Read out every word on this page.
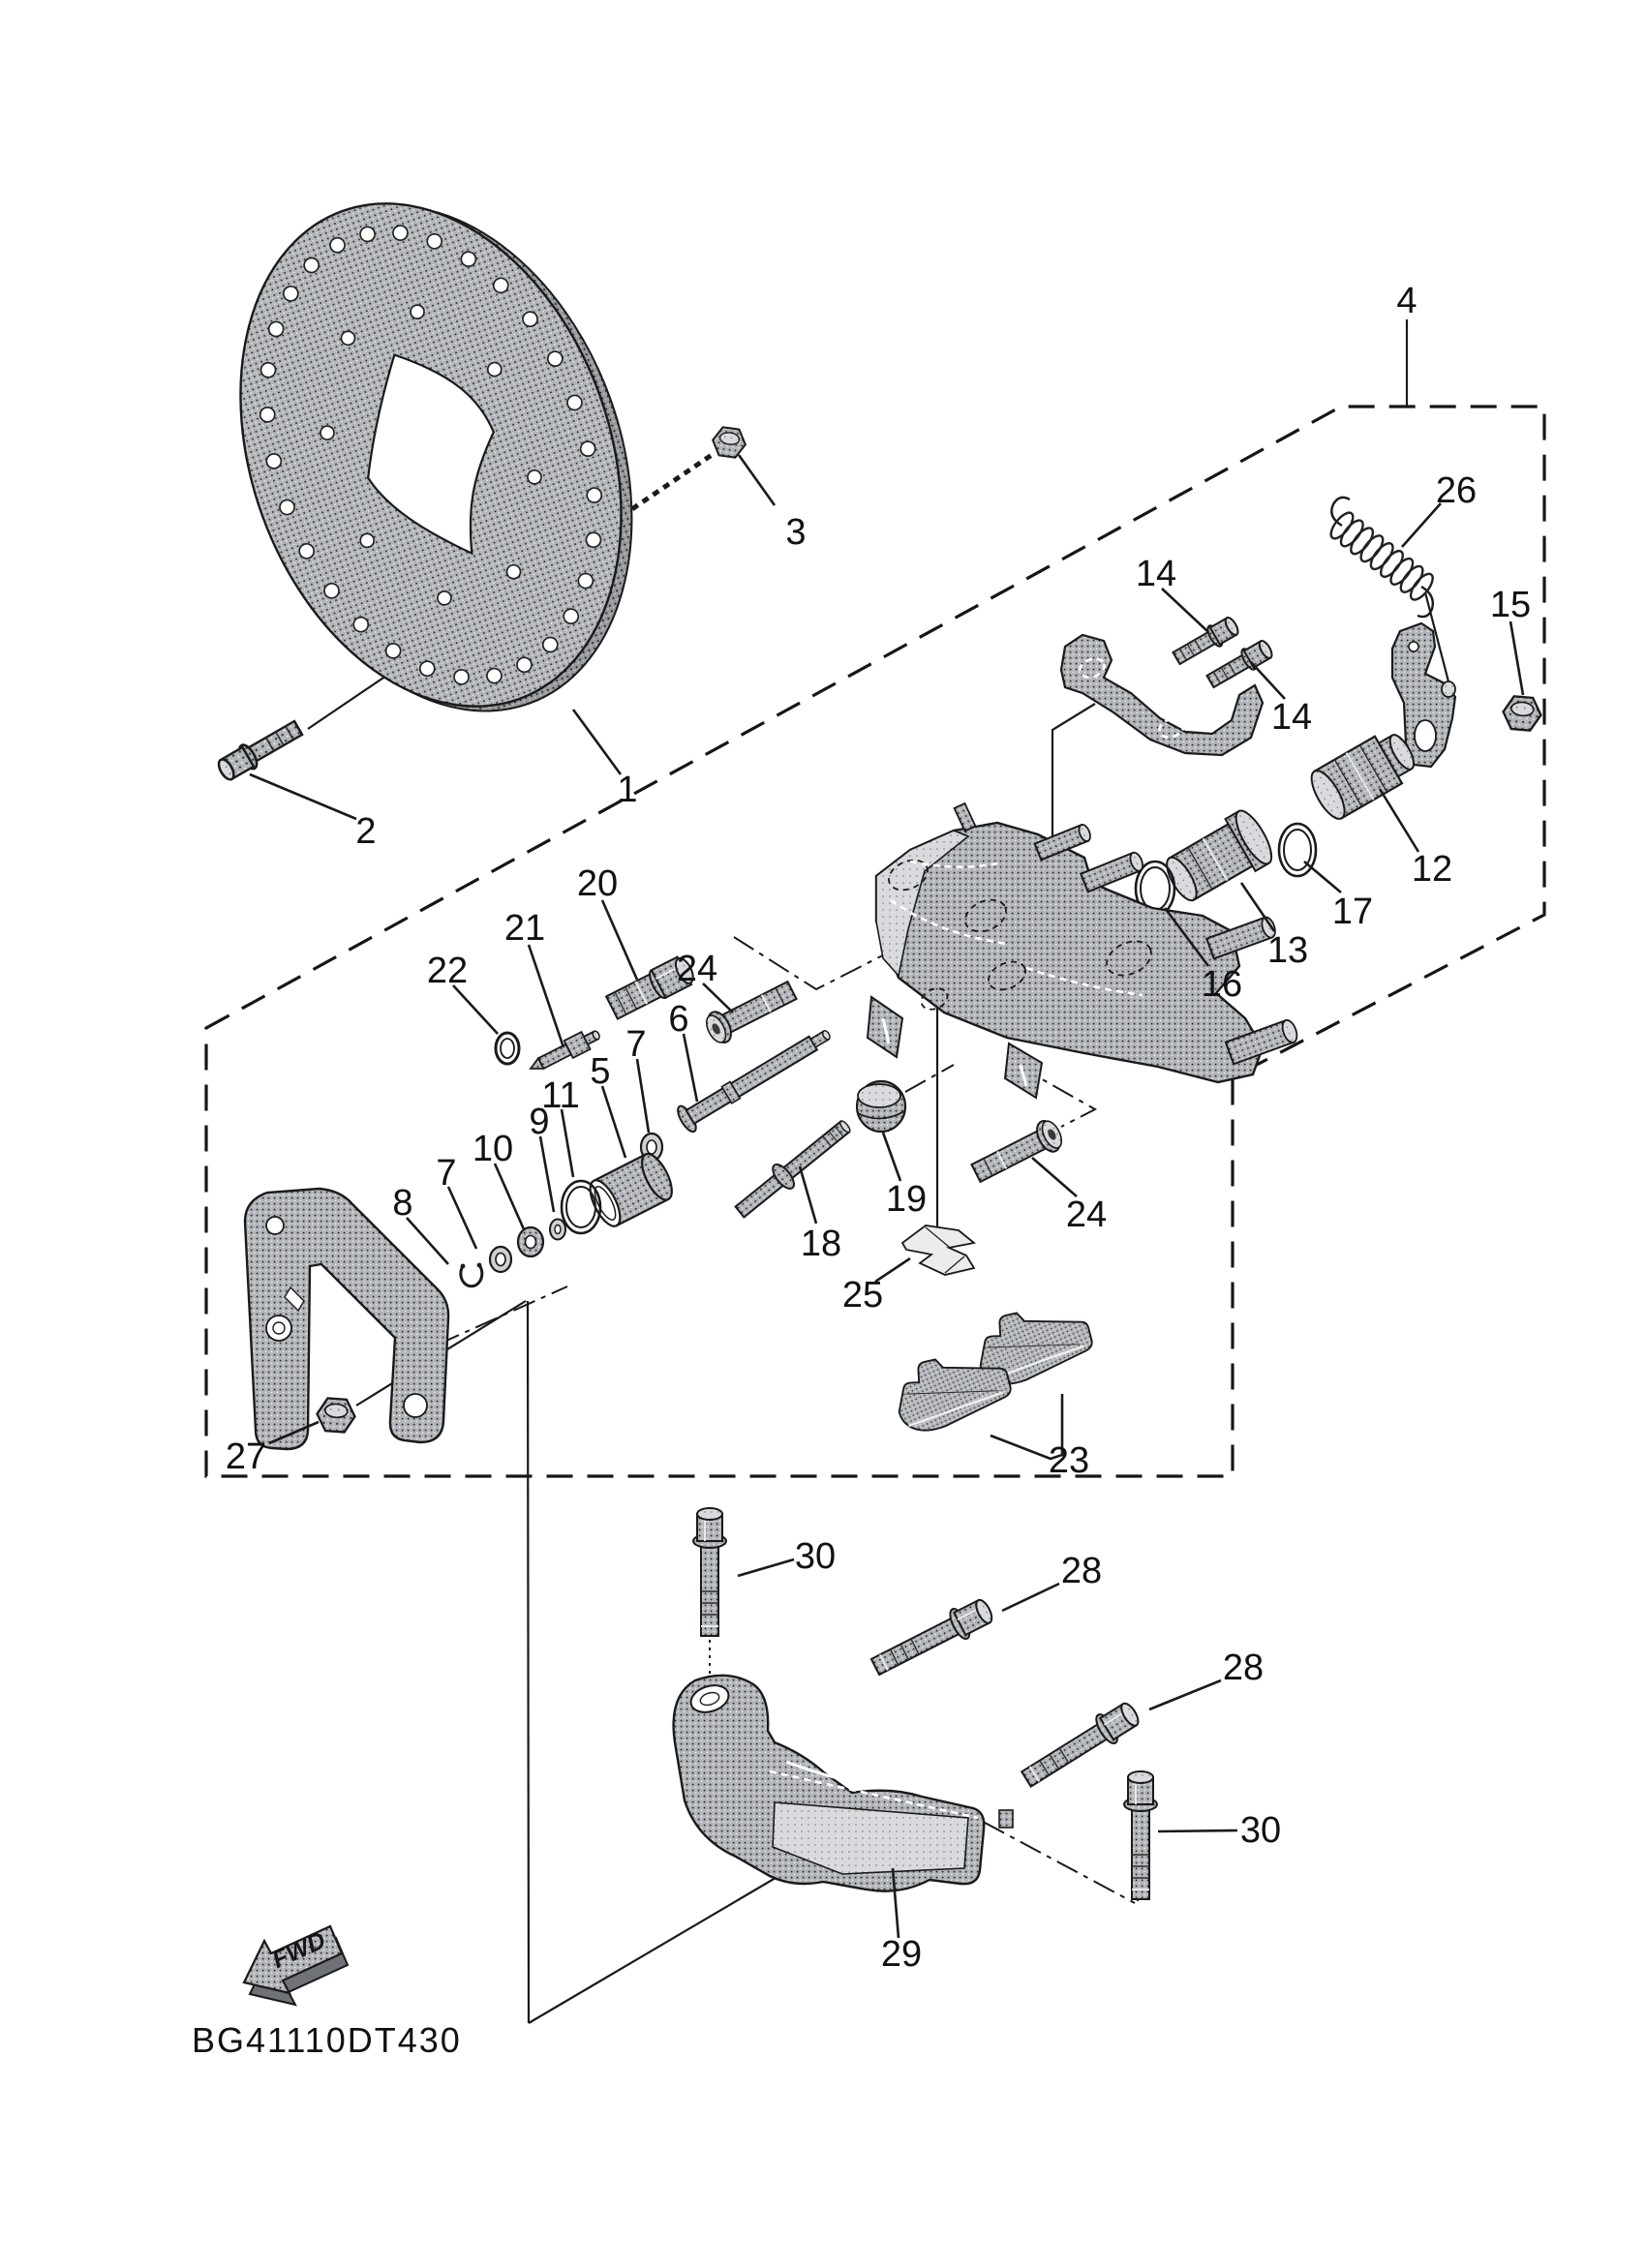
FWD
1
2
3
4
26
15
14
14
12
17
13
16
20
21
22	24
6
7
5
11
9
10
7
8	19
18
24
25
23
27
30	28
28
30
29
BG41110DT430
